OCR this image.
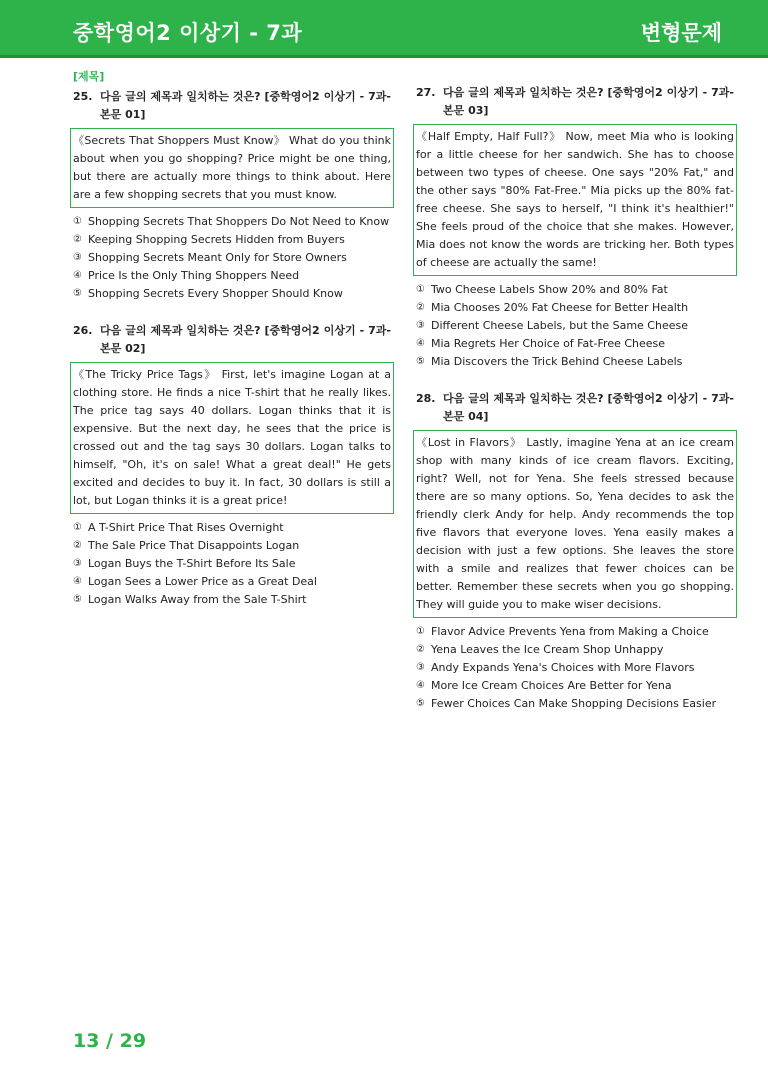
중학영어2 이상기 - 7과	변형문제
[제목]
25. 다음 글의 제목과 일치하는 것은? [중학영어2 이상기 - 7과-본문 01]
《Secrets That Shoppers Must Know》 What do you think about when you go shopping? Price might be one thing, but there are actually more things to think about. Here are a few shopping secrets that you must know.
① Shopping Secrets That Shoppers Do Not Need to Know
② Keeping Shopping Secrets Hidden from Buyers
③ Shopping Secrets Meant Only for Store Owners
④ Price Is the Only Thing Shoppers Need
⑤ Shopping Secrets Every Shopper Should Know
26. 다음 글의 제목과 일치하는 것은? [중학영어2 이상기 - 7과-본문 02]
《The Tricky Price Tags》 First, let's imagine Logan at a clothing store. He finds a nice T-shirt that he really likes. The price tag says 40 dollars. Logan thinks that it is expensive. But the next day, he sees that the price is crossed out and the tag says 30 dollars. Logan talks to himself, "Oh, it's on sale! What a great deal!" He gets excited and decides to buy it. In fact, 30 dollars is still a lot, but Logan thinks it is a great price!
① A T-Shirt Price That Rises Overnight
② The Sale Price That Disappoints Logan
③ Logan Buys the T-Shirt Before Its Sale
④ Logan Sees a Lower Price as a Great Deal
⑤ Logan Walks Away from the Sale T-Shirt
27. 다음 글의 제목과 일치하는 것은? [중학영어2 이상기 - 7과-본문 03]
《Half Empty, Half Full?》 Now, meet Mia who is looking for a little cheese for her sandwich. She has to choose between two types of cheese. One says "20% Fat," and the other says "80% Fat-Free." Mia picks up the 80% fat-free cheese. She says to herself, "I think it's healthier!" She feels proud of the choice that she makes. However, Mia does not know the words are tricking her. Both types of cheese are actually the same!
① Two Cheese Labels Show 20% and 80% Fat
② Mia Chooses 20% Fat Cheese for Better Health
③ Different Cheese Labels, but the Same Cheese
④ Mia Regrets Her Choice of Fat-Free Cheese
⑤ Mia Discovers the Trick Behind Cheese Labels
28. 다음 글의 제목과 일치하는 것은? [중학영어2 이상기 - 7과-본문 04]
《Lost in Flavors》 Lastly, imagine Yena at an ice cream shop with many kinds of ice cream flavors. Exciting, right? Well, not for Yena. She feels stressed because there are so many options. So, Yena decides to ask the friendly clerk Andy for help. Andy recommends the top five flavors that everyone loves. Yena easily makes a decision with just a few options. She leaves the store with a smile and realizes that fewer choices can be better. Remember these secrets when you go shopping. They will guide you to make wiser decisions.
① Flavor Advice Prevents Yena from Making a Choice
② Yena Leaves the Ice Cream Shop Unhappy
③ Andy Expands Yena's Choices with More Flavors
④ More Ice Cream Choices Are Better for Yena
⑤ Fewer Choices Can Make Shopping Decisions Easier
13 / 29
